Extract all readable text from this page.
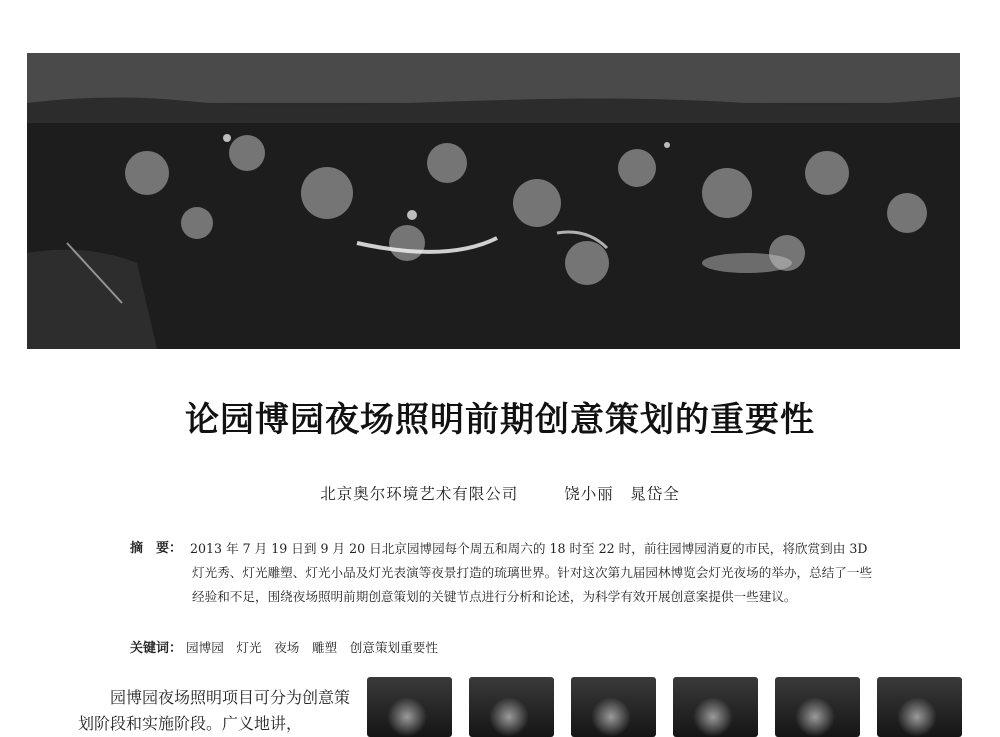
论园博园夜场照明前期创意策划的重要性
北京奥尔环境艺术有限公司	饶小丽　晁岱全
摘　要： 2013 年 7 月 19 日到 9 月 20 日北京园博园每个周五和周六的 18 时至 22 时，前往园博园消夏的市民，将欣赏到由 3D 灯光秀、灯光雕塑、灯光小品及灯光表演等夜景打造的琉璃世界。针对这次第九届园林博览会灯光夜场的举办，总结了一些经验和不足，围绕夜场照明前期创意策划的关键节点进行分析和论述，为科学有效开展创意案提供一些建议。
关键词： 园博园　灯光　夜场　雕塑　创意策划重要性
园博园夜场照明项目可分为创意策划阶段和实施阶段。广义地讲，
